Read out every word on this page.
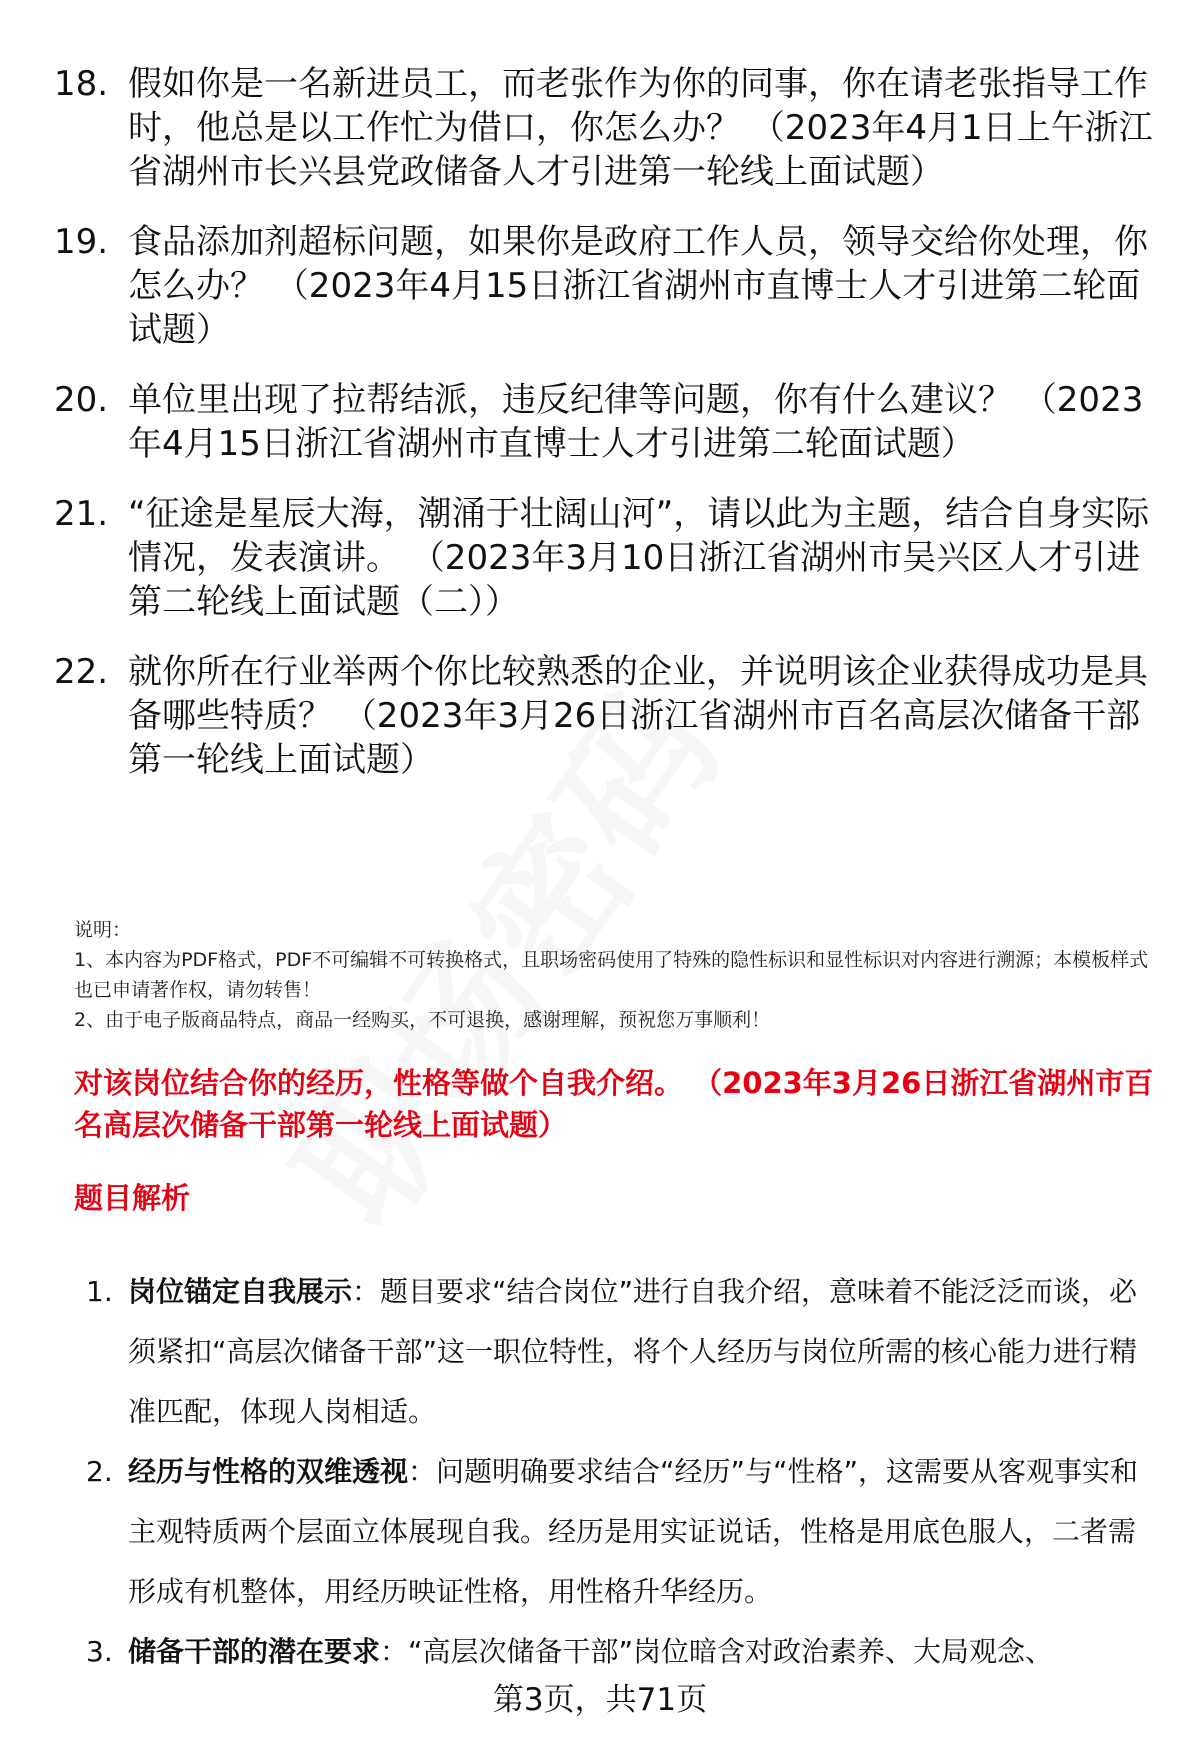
18. 假如你是一名新进员工，而老张作为你的同事，你在请老张指导工作时，他总是以工作忙为借口，你怎么办？ （2023年4月1日上午浙江省湖州市长兴县党政储备人才引进第一轮线上面试题）
19. 食品添加剂超标问题，如果你是政府工作人员，领导交给你处理，你怎么办？ （2023年4月15日浙江省湖州市直博士人才引进第二轮面试题）
20. 单位里出现了拉帮结派，违反纪律等问题，你有什么建议？ （2023年4月15日浙江省湖州市直博士人才引进第二轮面试题）
21. “征途是星辰大海，潮涌于壮阔山河”，请以此为主题，结合自身实际情况，发表演讲。 （2023年3月10日浙江省湖州市吴兴区人才引进第二轮线上面试题（二））
22. 就你所在行业举两个你比较熟悉的企业，并说明该企业获得成功是具备哪些特质？ （2023年3月26日浙江省湖州市百名高层次储备干部第一轮线上面试题）
说明：
1、本内容为PDF格式，PDF不可编辑不可转换格式，且职场密码使用了特殊的隐性标识和显性标识对内容进行溯源；本模板样式也已申请著作权，请勿转售！
2、由于电子版商品特点，商品一经购买，不可退换，感谢理解，预祝您万事顺利！
对该岗位结合你的经历，性格等做个自我介绍。 （2023年3月26日浙江省湖州市百名高层次储备干部第一轮线上面试题）
题目解析
1. 岗位锚定自我展示：题目要求“结合岗位”进行自我介绍，意味着不能泛泛而谈，必须紧扣“高层次储备干部”这一职位特性，将个人经历与岗位所需的核心能力进行精准匹配，体现人岗相适。
2. 经历与性格的双维透视：问题明确要求结合“经历”与“性格”，这需要从客观事实和主观特质两个层面立体展现自我。经历是用实证说话，性格是用底色服人，二者需形成有机整体，用经历映证性格，用性格升华经历。
3. 储备干部的潜在要求：“高层次储备干部”岗位暗含对政治素养、大局观念、
第3页，共71页
